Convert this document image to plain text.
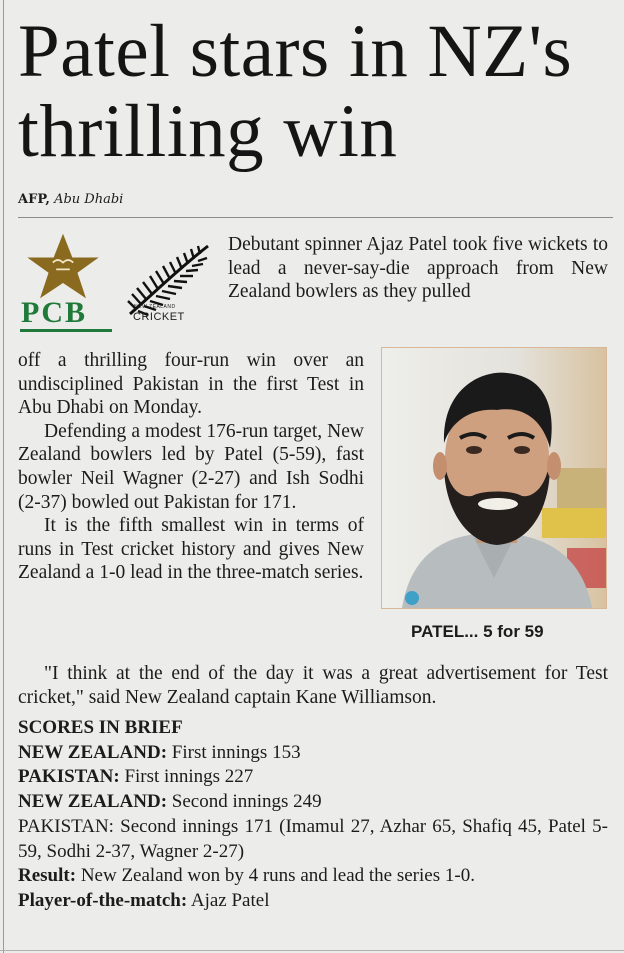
Patel stars in NZ's
thrilling win
AFP, Abu Dhabi
PCB	NEW ZEALAND
CRICKET
Debutant spinner Ajaz Patel took five wickets to lead a never-say-die approach from New Zealand bowlers as they pulled
off a thrilling four-run win over an undisciplined Pakistan in the first Test in Abu Dhabi on Monday.
Defending a modest 176-run target, New Zealand bowlers led by Patel (5-59), fast bowler Neil Wagner (2-27) and Ish Sodhi (2-37) bowled out Pakistan for 171.
It is the fifth smallest win in terms of runs in Test cricket history and gives New Zealand a 1-0 lead in the three-match series.
PATEL... 5 for 59
"I think at the end of the day it was a great advertisement for Test cricket," said New Zealand captain Kane Williamson.
SCORES IN BRIEF
NEW ZEALAND: First innings 153
PAKISTAN: First innings 227
NEW ZEALAND: Second innings 249
PAKISTAN: Second innings 171 (Imamul 27, Azhar 65, Shafiq 45, Patel 5-59, Sodhi 2-37, Wagner 2-27)
Result: New Zealand won by 4 runs and lead the series 1-0.
Player-of-the-match: Ajaz Patel
